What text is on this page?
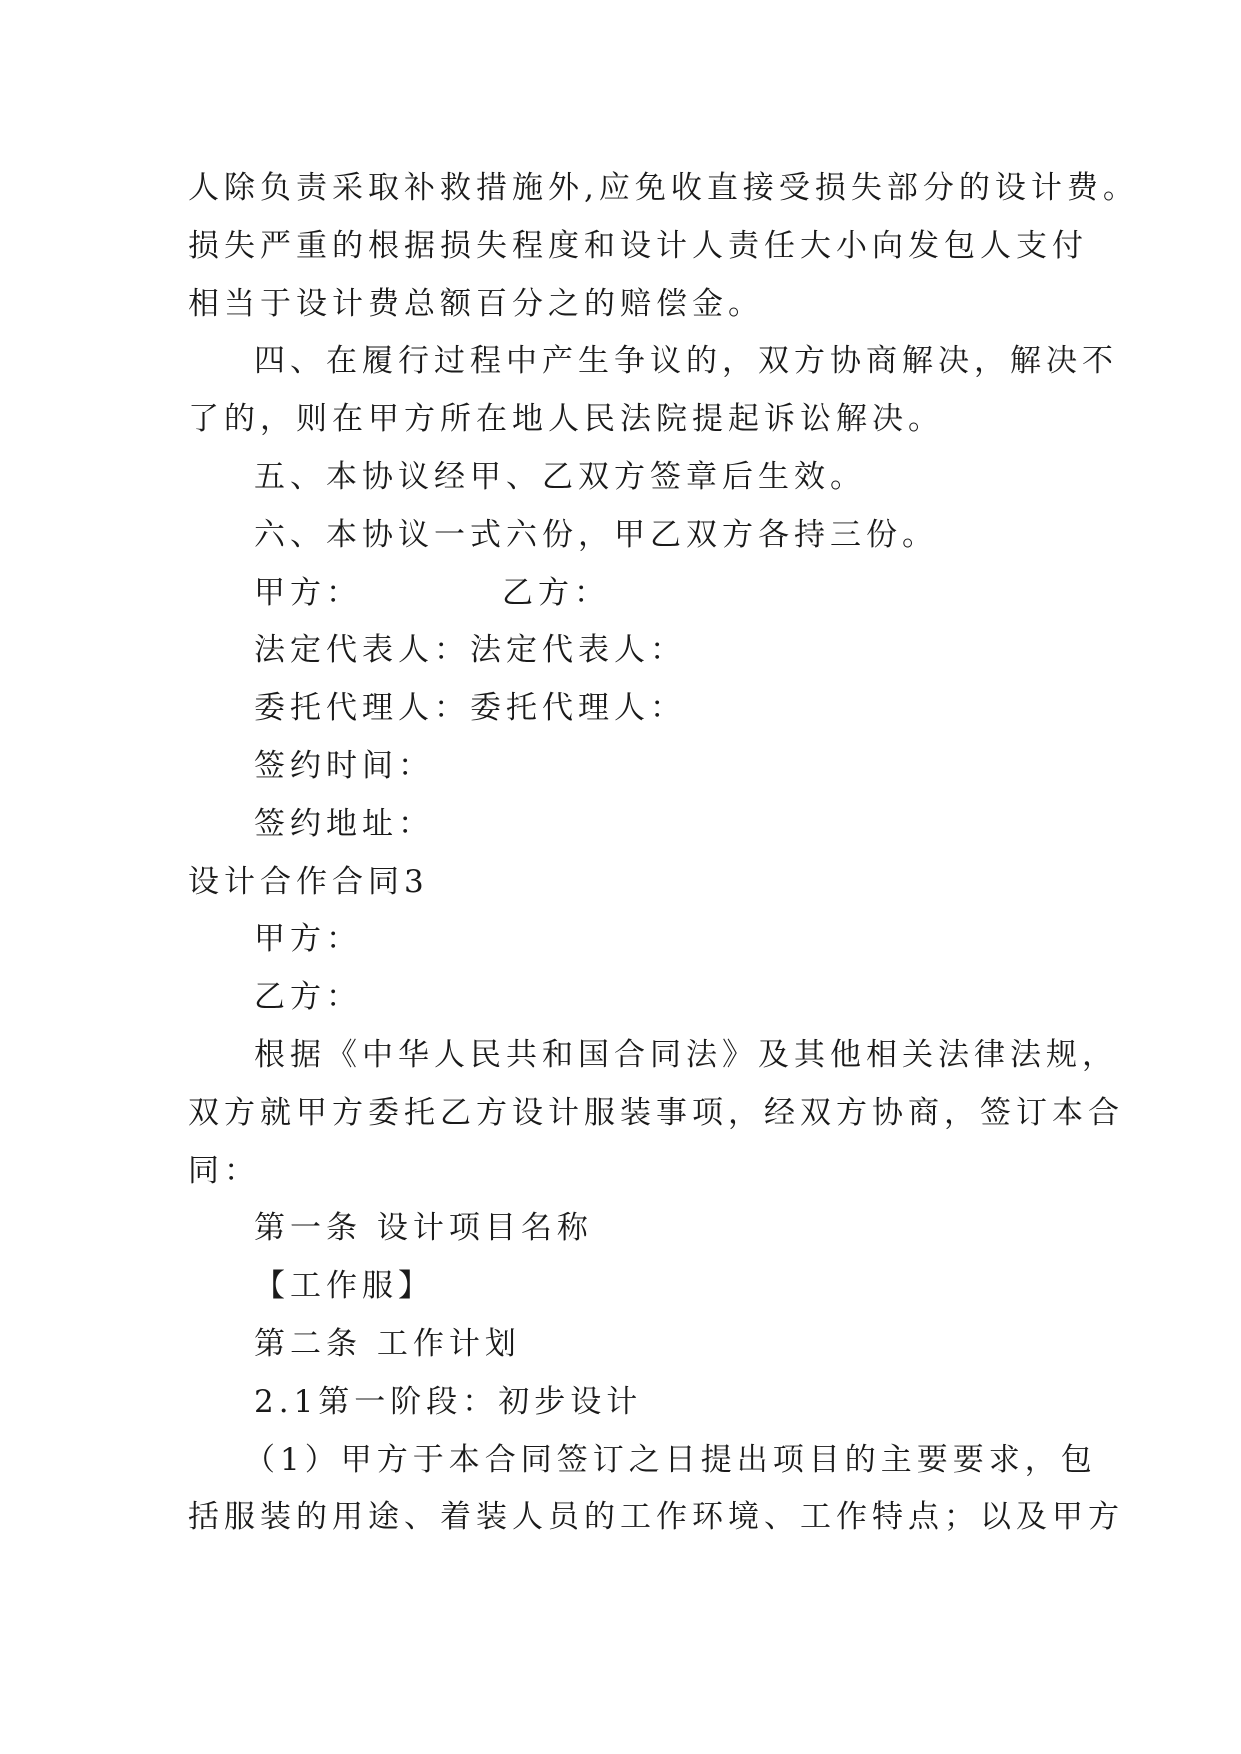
人除负责采取补救措施外,应免收直接受损失部分的设计费。
损失严重的根据损失程度和设计人责任大小向发包人支付
相当于设计费总额百分之的赔偿金。
四、在履行过程中产生争议的，双方协商解决，解决不
了的，则在甲方所在地人民法院提起诉讼解决。
五、本协议经甲、乙双方签章后生效。
六、本协议一式六份，甲乙双方各持三份。
甲方：	乙方：
法定代表人：法定代表人：
委托代理人：委托代理人：
签约时间：
签约地址：
设计合作合同3
甲方：
乙方：
根据《中华人民共和国合同法》及其他相关法律法规，
双方就甲方委托乙方设计服装事项，经双方协商，签订本合
同：
第一条 设计项目名称
【工作服】
第二条 工作计划
2.1第一阶段：初步设计
（1）甲方于本合同签订之日提出项目的主要要求，包
括服装的用途、着装人员的工作环境、工作特点；以及甲方
